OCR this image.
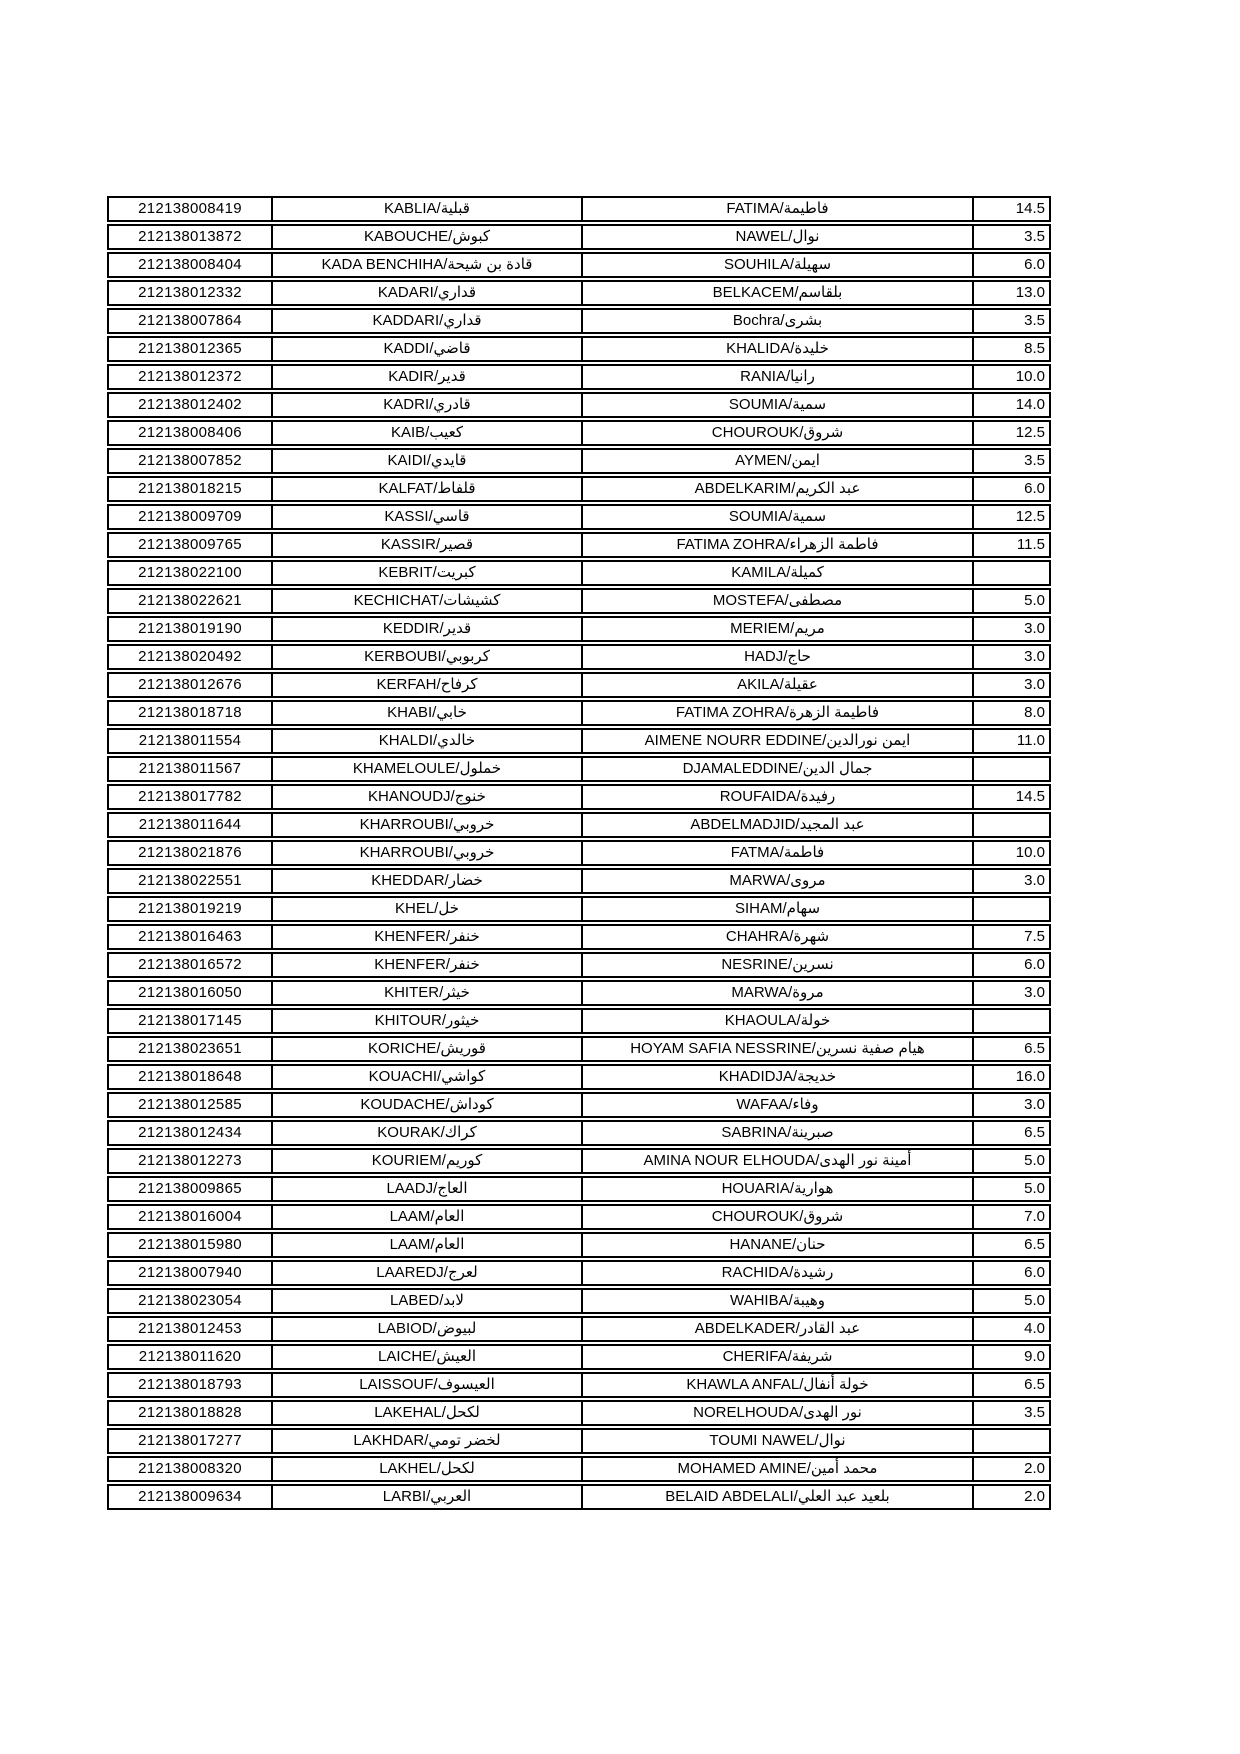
212138008419	KABLIA/قبلية	FATIMA/فاطيمة	14.5
212138013872	KABOUCHE/كبوش	NAWEL/نوال	3.5
212138008404	KADA BENCHIHA/قادة بن شيحة	SOUHILA/سهيلة	6.0
212138012332	KADARI/قداري	BELKACEM/بلقاسم	13.0
212138007864	KADDARI/قداري	Bochra/بشرى	3.5
212138012365	KADDI/قاضي	KHALIDA/خليدة	8.5
212138012372	KADIR/قدير	RANIA/رانيا	10.0
212138012402	KADRI/قادري	SOUMIA/سمية	14.0
212138008406	KAIB/كعيب	CHOUROUK/شروق	12.5
212138007852	KAIDI/قايدي	AYMEN/ايمن	3.5
212138018215	KALFAT/قلفاط	ABDELKARIM/عبد الكريم	6.0
212138009709	KASSI/قاسي	SOUMIA/سمية	12.5
212138009765	KASSIR/قصير	FATIMA ZOHRA/فاطمة الزهراء	11.5
212138022100	KEBRIT/كبريت	KAMILA/كميلة	
212138022621	KECHICHAT/كشيشات	MOSTEFA/مصطفى	5.0
212138019190	KEDDIR/قدير	MERIEM/مريم	3.0
212138020492	KERBOUBI/كربوبي	HADJ/حاج	3.0
212138012676	KERFAH/كرفاح	AKILA/عقيلة	3.0
212138018718	KHABI/خابي	FATIMA ZOHRA/فاطيمة الزهرة	8.0
212138011554	KHALDI/خالدي	AIMENE NOURR EDDINE/ايمن نورالدين	11.0
212138011567	KHAMELOULE/خملول	DJAMALEDDINE/جمال الدين	
212138017782	KHANOUDJ/خنوج	ROUFAIDA/رفيدة	14.5
212138011644	KHARROUBI/خروبي	ABDELMADJID/عبد المجيد	
212138021876	KHARROUBI/خروبي	FATMA/فاطمة	10.0
212138022551	KHEDDAR/خضار	MARWA/مروى	3.0
212138019219	KHEL/خل	SIHAM/سهام	
212138016463	KHENFER/خنفر	CHAHRA/شهرة	7.5
212138016572	KHENFER/خنفر	NESRINE/نسرين	6.0
212138016050	KHITER/خيثر	MARWA/مروة	3.0
212138017145	KHITOUR/خيثور	KHAOULA/خولة	
212138023651	KORICHE/قوريش	HOYAM SAFIA NESSRINE/هيام صفية نسرين	6.5
212138018648	KOUACHI/كواشي	KHADIDJA/خديجة	16.0
212138012585	KOUDACHE/كوداش	WAFAA/وفاء	3.0
212138012434	KOURAK/كراك	SABRINA/صبرينة	6.5
212138012273	KOURIEM/كوريم	AMINA NOUR ELHOUDA/أمينة نور الهدى	5.0
212138009865	LAADJ/العاج	HOUARIA/هوارية	5.0
212138016004	LAAM/العام	CHOUROUK/شروق	7.0
212138015980	LAAM/العام	HANANE/حنان	6.5
212138007940	LAAREDJ/لعرج	RACHIDA/رشيدة	6.0
212138023054	LABED/لابد	WAHIBA/وهيبة	5.0
212138012453	LABIOD/لبيوض	ABDELKADER/عبد القادر	4.0
212138011620	LAICHE/العيش	CHERIFA/شريفة	9.0
212138018793	LAISSOUF/العيسوف	KHAWLA ANFAL/خولة أنفال	6.5
212138018828	LAKEHAL/لكحل	NORELHOUDA/نور الهدى	3.5
212138017277	LAKHDAR/لخضر تومي	TOUMI NAWEL/نوال	
212138008320	LAKHEL/لكحل	MOHAMED AMINE/محمد أمين	2.0
212138009634	LARBI/العربي	BELAID ABDELALI/بلعيد عبد العلي	2.0
